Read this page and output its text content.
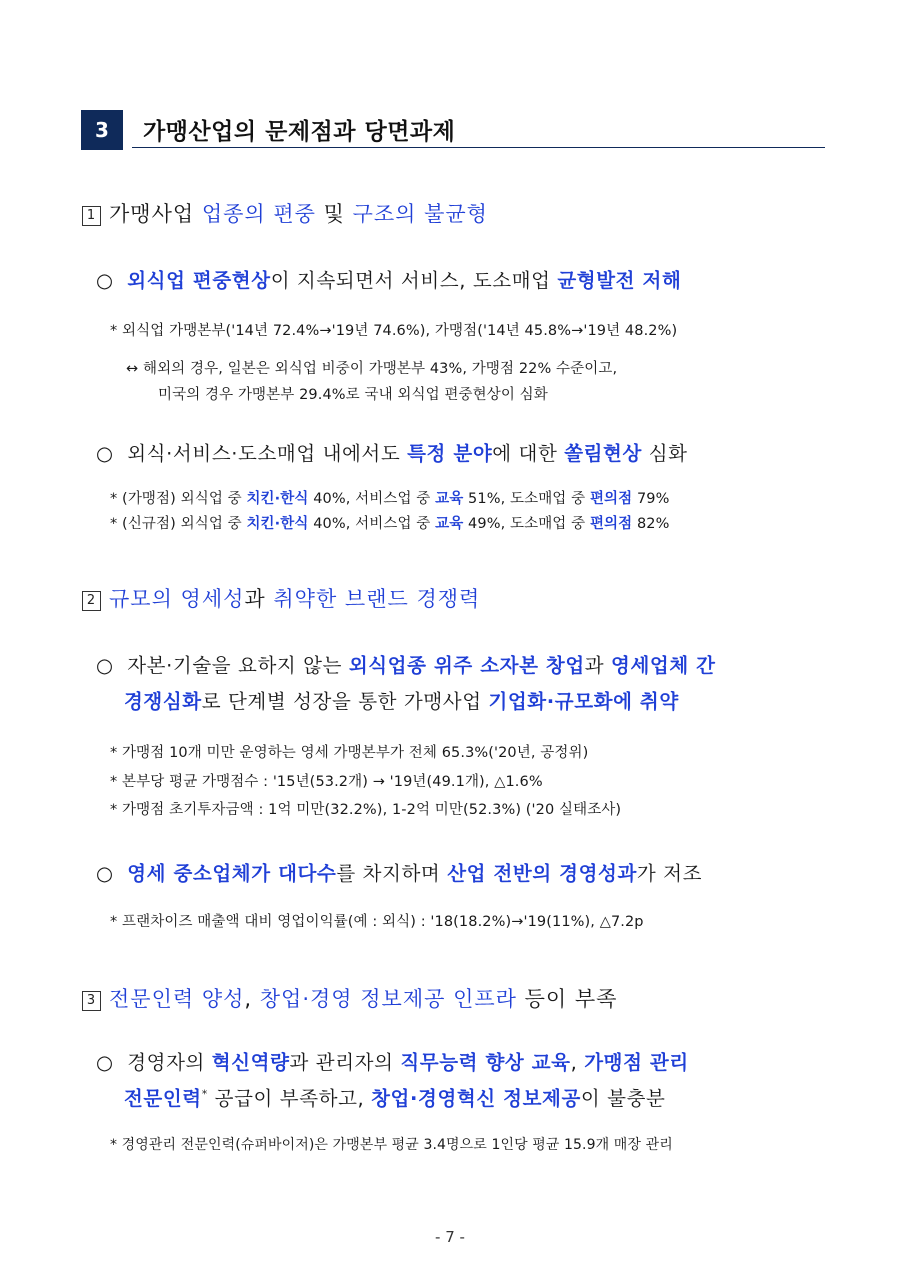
3	가맹산업의 문제점과 당면과제
1 가맹사업 업종의 편중 및 구조의 불균형
○ 외식업 편중현상이 지속되면서 서비스, 도소매업 균형발전 저해
* 외식업 가맹본부('14년 72.4%→'19년 74.6%), 가맹점('14년 45.8%→'19년 48.2%)
↔ 해외의 경우, 일본은 외식업 비중이 가맹본부 43%, 가맹점 22% 수준이고,
미국의 경우 가맹본부 29.4%로 국내 외식업 편중현상이 심화
○ 외식·서비스·도소매업 내에서도 특정 분야에 대한 쏠림현상 심화
* (가맹점) 외식업 중 치킨·한식 40%, 서비스업 중 교육 51%, 도소매업 중 편의점 79%
* (신규점) 외식업 중 치킨·한식 40%, 서비스업 중 교육 49%, 도소매업 중 편의점 82%
2 규모의 영세성과 취약한 브랜드 경쟁력
○ 자본·기술을 요하지 않는 외식업종 위주 소자본 창업과 영세업체 간
경쟁심화로 단계별 성장을 통한 가맹사업 기업화·규모화에 취약
* 가맹점 10개 미만 운영하는 영세 가맹본부가 전체 65.3%('20년, 공정위)
* 본부당 평균 가맹점수 : '15년(53.2개) → '19년(49.1개), △1.6%
* 가맹점 초기투자금액 : 1억 미만(32.2%), 1-2억 미만(52.3%) ('20 실태조사)
○ 영세 중소업체가 대다수를 차지하며 산업 전반의 경영성과가 저조
* 프랜차이즈 매출액 대비 영업이익률(예 : 외식) : '18(18.2%)→'19(11%), △7.2p
3 전문인력 양성, 창업·경영 정보제공 인프라 등이 부족
○ 경영자의 혁신역량과 관리자의 직무능력 향상 교육, 가맹점 관리
전문인력* 공급이 부족하고, 창업·경영혁신 정보제공이 불충분
* 경영관리 전문인력(슈퍼바이저)은 가맹본부 평균 3.4명으로 1인당 평균 15.9개 매장 관리
- 7 -
